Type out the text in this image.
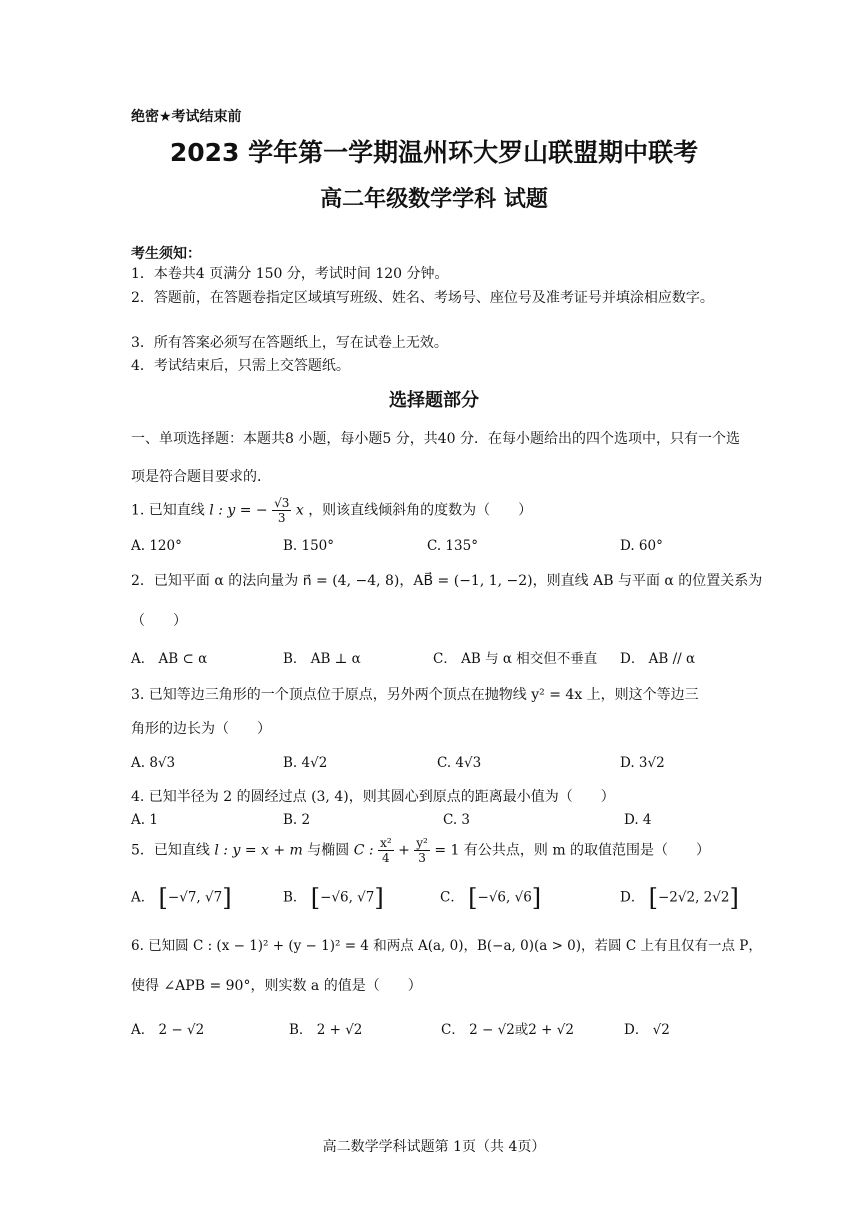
绝密★考试结束前
2023 学年第一学期温州环大罗山联盟期中联考
高二年级数学学科 试题
考生须知：
1．本卷共4 页满分 150 分，考试时间 120 分钟。
2．答题前，在答题卷指定区域填写班级、姓名、考场号、座位号及准考证号并填涂相应数字。
3．所有答案必须写在答题纸上，写在试卷上无效。
4．考试结束后，只需上交答题纸。
选择题部分
一、单项选择题：本题共8 小题，每小题5 分，共40 分．在每小题给出的四个选项中，只有一个选项是符合题目要求的．
1. 已知直线 l : y = − $\frac{√3}{3}$ x ，则该直线倾斜角的度数为（　　）
A. 120°	B. 150°	C. 135°	D. 60°
2．已知平面 α 的法向量为 n⃗ = (4, −4, 8)，AB⃗ = (−1, 1, −2)，则直线 AB 与平面 α 的位置关系为
（　　）
A． AB ⊂ α	B． AB ⊥ α	C． AB 与 α 相交但不垂直 D． AB // α
3. 已知等边三角形的一个顶点位于原点，另外两个顶点在抛物线 y² = 4x 上，则这个等边三
角形的边长为（　　）
A. 8√3	B. 4√2	C. 4√3	D. 3√2
4. 已知半径为 2 的圆经过点 (3, 4)，则其圆心到原点的距离最小值为（　　）
A. 1	B. 2	C. 3	D. 4
5．已知直线 l : y = x + m 与椭圆 C : $\frac{\text{x²}}{4} + \frac{\text{y²}}{3} = 1$ 有公共点，则 m 的取值范围是（　　）
A． [−√7, √7]	B． [−√6, √7]	C． [−√6, √6]	D． [−2√2, 2√2]
6. 已知圆 C : (x − 1)² + (y − 1)² = 4 和两点 A(a, 0)，B(−a, 0)(a > 0)，若圆 C 上有且仅有一点 P，
使得 ∠APB = 90°，则实数 a 的值是（　　）
A． 2 − √2	B． 2 + √2	C． 2 − √2或2 + √2	D． √2
高二数学学科试题第 1页（共 4页）
